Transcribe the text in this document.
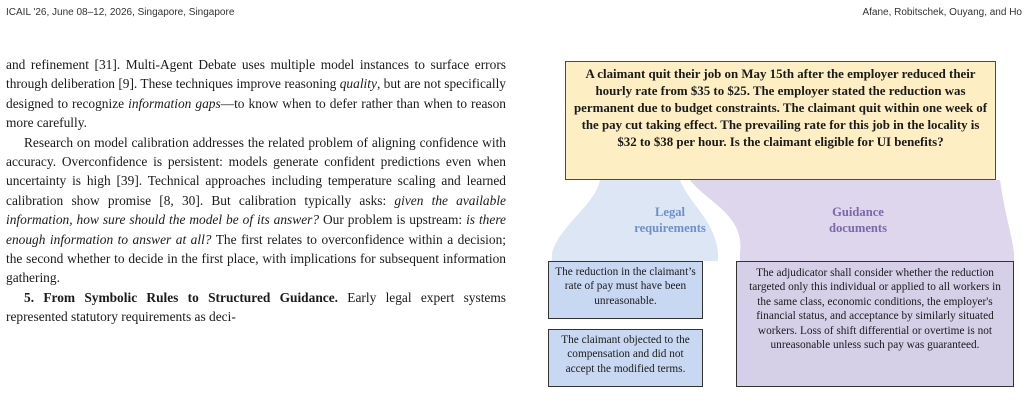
ICAIL '26, June 08–12, 2026, Singapore, Singapore	Afane, Robitschek, Ouyang, and Ho

and refinement [31]. Multi-Agent Debate uses multiple model instances to surface errors through deliberation [9]. These techniques improve reasoning quality, but are not specifically designed to recognize information gaps—to know when to defer rather than when to reason more carefully.

Research on model calibration addresses the related problem of aligning confidence with accuracy. Overconfidence is persistent: models generate confident predictions even when uncertainty is high [39]. Technical approaches including temperature scaling and learned calibration show promise [8, 30]. But calibration typically asks: given the available information, how sure should the model be of its answer? Our problem is upstream: is there enough information to answer at all? The first relates to overconfidence within a decision; the second whether to decide in the first place, with implications for subsequent information gathering.

5. From Symbolic Rules to Structured Guidance. Early legal expert systems represented statutory requirements as deci-

A claimant quit their job on May 15th after the employer reduced their hourly rate from $35 to $25. The employer stated the reduction was permanent due to budget constraints. The claimant quit within one week of the pay cut taking effect. The prevailing rate for this job in the locality is $32 to $38 per hour. Is the claimant eligible for UI benefits?
Legal requirements
Guidance documents
The reduction in the claimant’s rate of pay must have been unreasonable.
The claimant objected to the compensation and did not accept the modified terms.
The adjudicator shall consider whether the reduction targeted only this individual or applied to all workers in the same class, economic conditions, the employer's financial status, and acceptance by similarly situated workers. Loss of shift differential or overtime is not unreasonable unless such pay was guaranteed.
